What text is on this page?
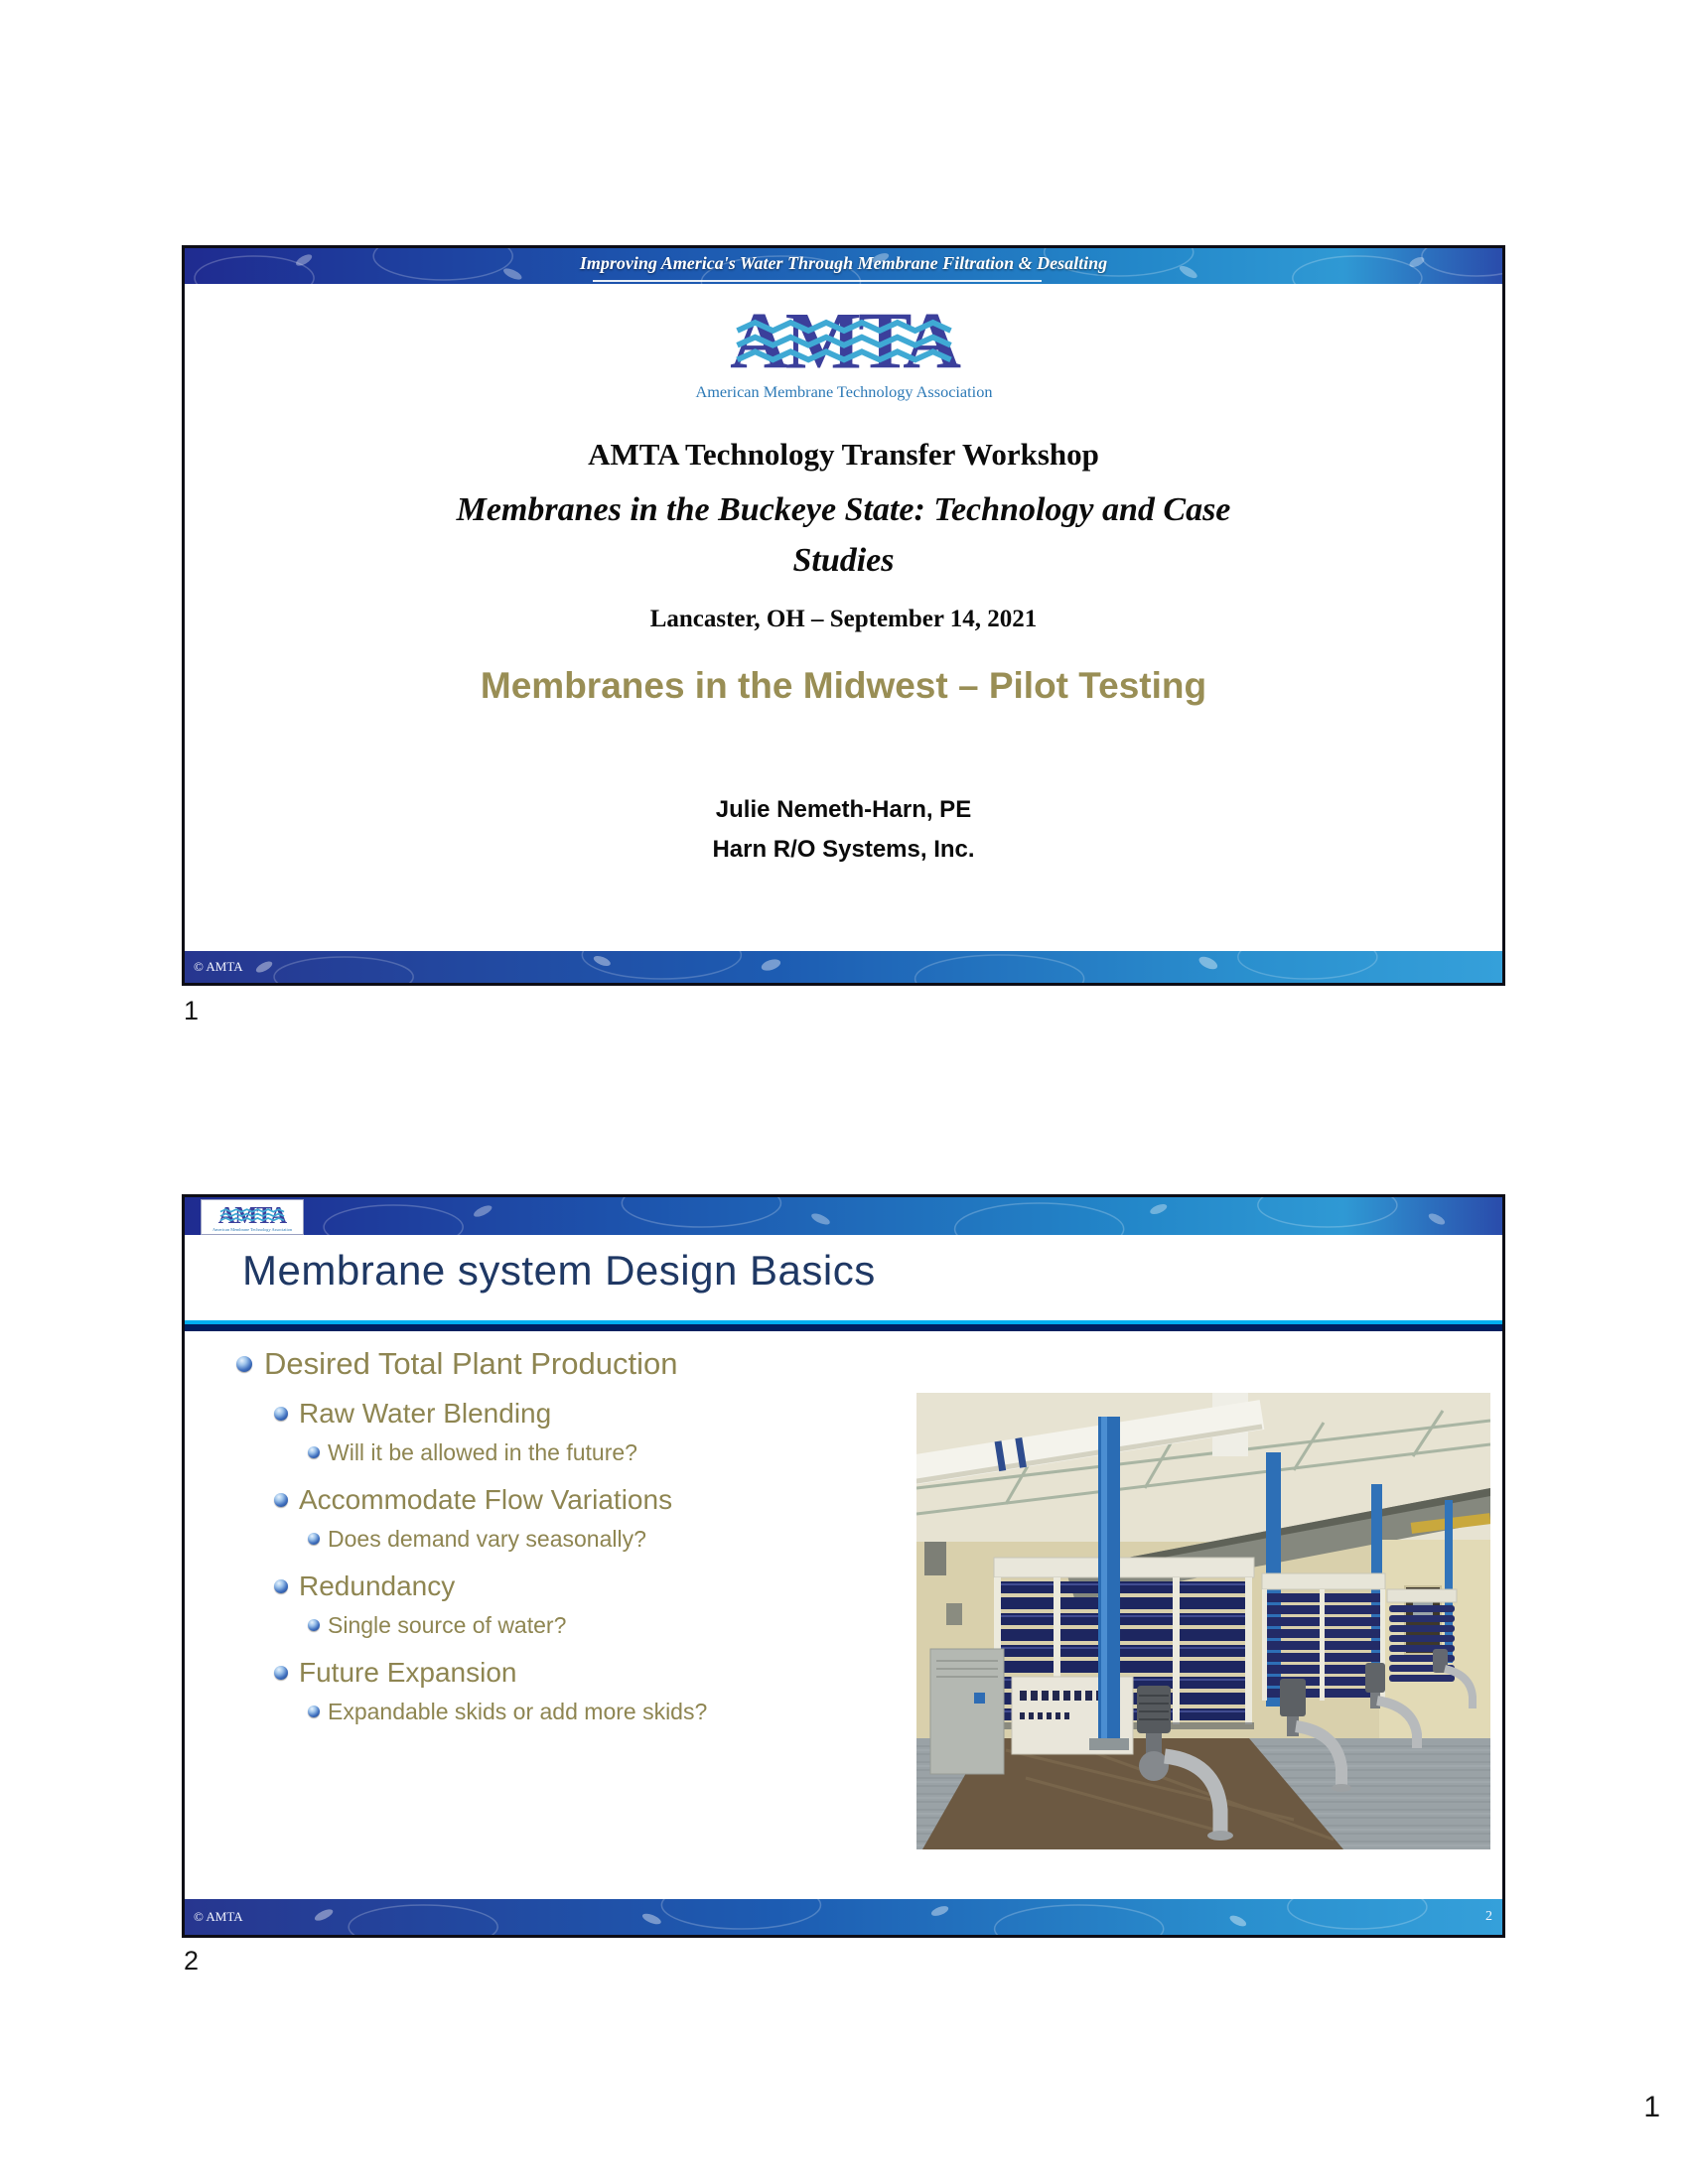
Improving America's Water Through Membrane Filtration & Desalting
AMTA
American Membrane Technology Association
AMTA Technology Transfer Workshop
Membranes in the Buckeye State: Technology and Case Studies
Lancaster, OH – September 14, 2021
Membranes in the Midwest – Pilot Testing
Julie Nemeth-Harn, PE
Harn R/O Systems, Inc.
© AMTA
1
AMTA
American Membrane Technology Association
Membrane system Design Basics
Desired Total Plant Production
Raw Water Blending
Will it be allowed in the future?
Accommodate Flow Variations
Does demand vary seasonally?
Redundancy
Single source of water?
Future Expansion
Expandable skids or add more skids?
© AMTA	2
2
1
